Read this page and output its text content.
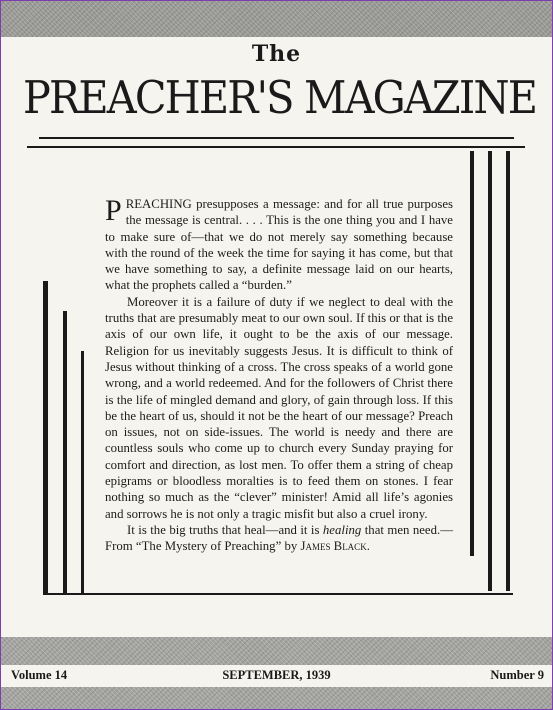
The
PREACHER'S MAGAZINE

PREACHING presupposes a message: and for all true purposes the message is central. . . . This is the one thing you and I have to make sure of—that we do not merely say something because with the round of the week the time for saying it has come, but that we have something to say, a definite message laid on our hearts, what the prophets called a “burden.”

Moreover it is a failure of duty if we neglect to deal with the truths that are presumably meat to our own soul. If this or that is the axis of our own life, it ought to be the axis of our message. Religion for us inevitably suggests Jesus. It is difficult to think of Jesus without thinking of a cross. The cross speaks of a world gone wrong, and a world redeemed. And for the followers of Christ there is the life of mingled demand and glory, of gain through loss. If this be the heart of us, should it not be the heart of our message? Preach on issues, not on side-issues. The world is needy and there are countless souls who come up to church every Sunday praying for comfort and direction, as lost men. To offer them a string of cheap epigrams or bloodless moralties is to feed them on stones. I fear nothing so much as the “clever” minister! Amid all life’s agonies and sorrows he is not only a tragic misfit but also a cruel irony.

It is the big truths that heal—and it is healing that men need.—From “The Mystery of Preaching” by James Black.

Volume 14	SEPTEMBER, 1939	Number 9
